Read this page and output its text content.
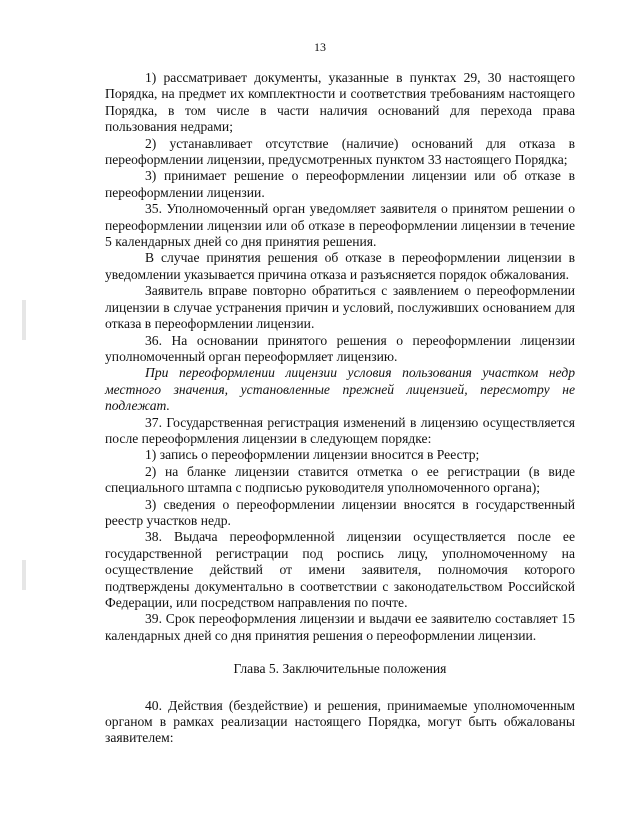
13

1) рассматривает документы, указанные в пунктах 29, 30 настоящего Порядка, на предмет их комплектности и соответствия требованиям настоящего Порядка, в том числе в части наличия оснований для перехода права пользования недрами;

2) устанавливает отсутствие (наличие) оснований для отказа в переоформлении лицензии, предусмотренных пунктом 33 настоящего Порядка;

3) принимает решение о переоформлении лицензии или об отказе в переоформлении лицензии.

35. Уполномоченный орган уведомляет заявителя о принятом решении о переоформлении лицензии или об отказе в переоформлении лицензии в течение 5 календарных дней со дня принятия решения.

В случае принятия решения об отказе в переоформлении лицензии в уведомлении указывается причина отказа и разъясняется порядок обжалования.

Заявитель вправе повторно обратиться с заявлением о переоформлении лицензии в случае устранения причин и условий, послуживших основанием для отказа в переоформлении лицензии.

36. На основании принятого решения о переоформлении лицензии уполномоченный орган переоформляет лицензию.

При переоформлении лицензии условия пользования участком недр местного значения, установленные прежней лицензией, пересмотру не подлежат.

37. Государственная регистрация изменений в лицензию осуществляется после переоформления лицензии в следующем порядке:

1) запись о переоформлении лицензии вносится в Реестр;

2) на бланке лицензии ставится отметка о ее регистрации (в виде специального штампа с подписью руководителя уполномоченного органа);

3) сведения о переоформлении лицензии вносятся в государственный реестр участков недр.

38. Выдача переоформленной лицензии осуществляется после ее государственной регистрации под роспись лицу, уполномоченному на осуществление действий от имени заявителя, полномочия которого подтверждены документально в соответствии с законодательством Российской Федерации, или посредством направления по почте.

39. Срок переоформления лицензии и выдачи ее заявителю составляет 15 календарных дней со дня принятия решения о переоформлении лицензии.

Глава 5. Заключительные положения

40. Действия (бездействие) и решения, принимаемые уполномоченным органом в рамках реализации настоящего Порядка, могут быть обжалованы заявителем:
